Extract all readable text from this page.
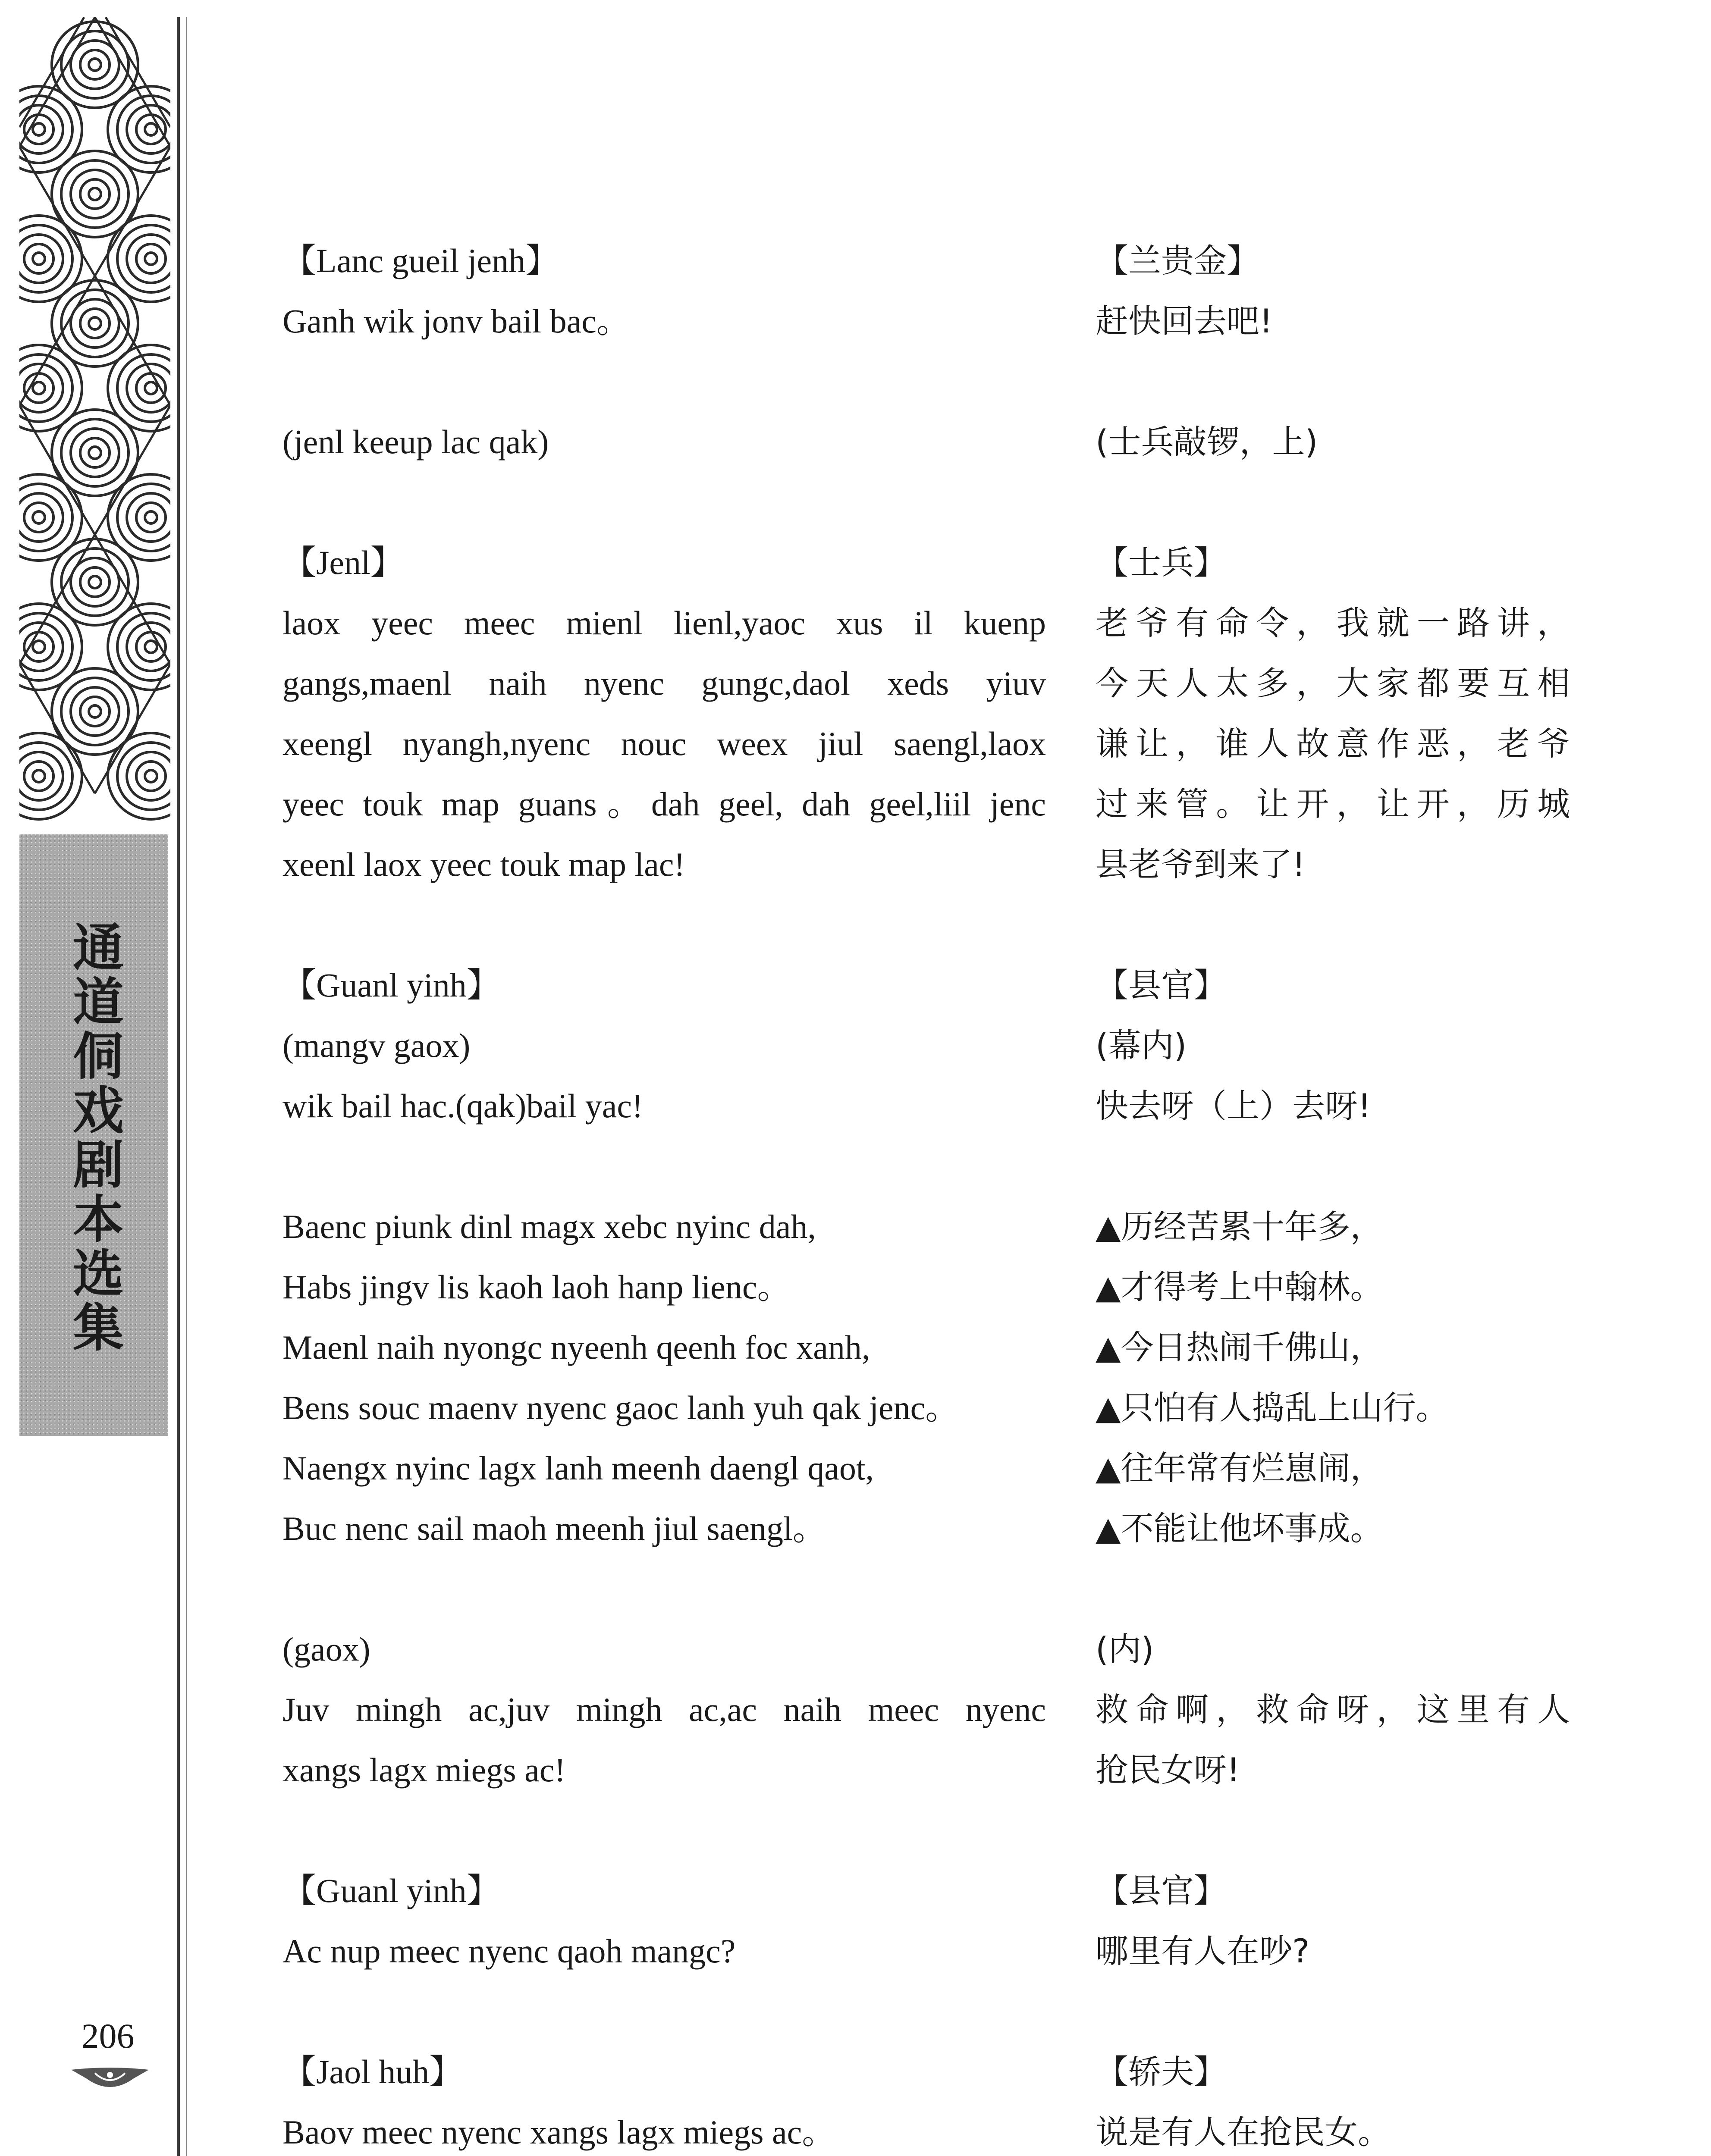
通道侗戏剧本选集
206
【Lanc gueil jenh】
Ganh wik jonv bail bac。
(jenl keeup lac qak)
【Jenl】
laox yeec meec mienl lienl,yaoc xus il kuenp
gangs,maenl naih nyenc gungc,daol xeds yiuv
xeengl nyangh,nyenc nouc weex jiul saengl,laox
yeec touk map guans。dah geel, dah geel,liil jenc
xeenl laox yeec touk map lac!
【Guanl yinh】
(mangv gaox)
wik bail hac.(qak)bail yac!
Baenc piunk dinl magx xebc nyinc dah,
Habs jingv lis kaoh laoh hanp lienc。
Maenl naih nyongc nyeenh qeenh foc xanh,
Bens souc maenv nyenc gaoc lanh yuh qak jenc。
Naengx nyinc lagx lanh meenh daengl qaot,
Buc nenc sail maoh meenh jiul saengl。
(gaox)
Juv mingh ac,juv mingh ac,ac naih meec nyenc
xangs lagx miegs ac!
【Guanl yinh】
Ac nup meec nyenc qaoh mangc?
【Jaol huh】
Baov meec nyenc xangs lagx miegs ac。
【兰贵金】
赶快回去吧!
(士兵敲锣，上)
【士兵】
老爷有命令，我就一路讲，
今天人太多，大家都要互相
谦让，谁人故意作恶，老爷
过来管。让开，让开，历城
县老爷到来了!
【县官】
(幕内)
快去呀（上）去呀!
▲历经苦累十年多，
▲才得考上中翰林。
▲今日热闹千佛山，
▲只怕有人捣乱上山行。
▲往年常有烂崽闹，
▲不能让他坏事成。
(内)
救命啊，救命呀，这里有人
抢民女呀!
【县官】
哪里有人在吵?
【轿夫】
说是有人在抢民女。
